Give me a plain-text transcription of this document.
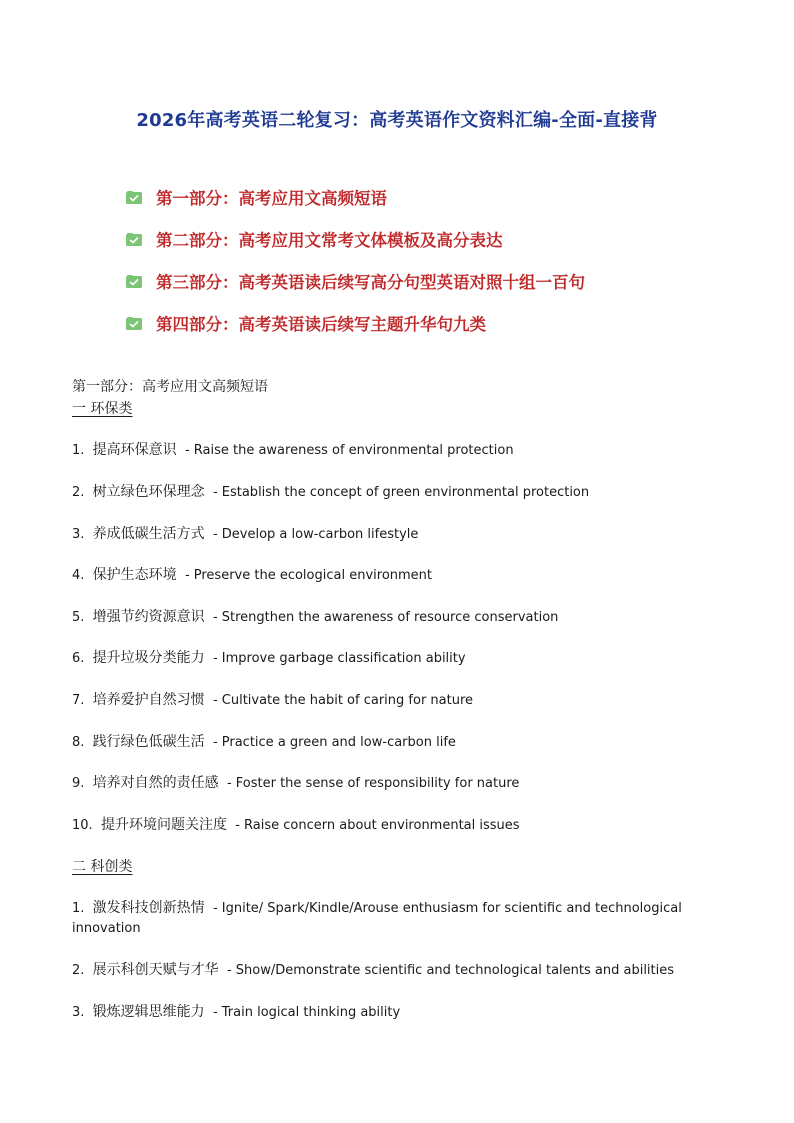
2026年高考英语二轮复习：高考英语作文资料汇编-全面-直接背
第一部分：高考应用文高频短语
第二部分：高考应用文常考文体模板及高分表达
第三部分：高考英语读后续写高分句型英语对照十组一百句
第四部分：高考英语读后续写主题升华句九类
第一部分：高考应用文高频短语
一 环保类
1. 提高环保意识 - Raise the awareness of environmental protection
2. 树立绿色环保理念 - Establish the concept of green environmental protection
3. 养成低碳生活方式 - Develop a low-carbon lifestyle
4. 保护生态环境 - Preserve the ecological environment
5. 增强节约资源意识 - Strengthen the awareness of resource conservation
6. 提升垃圾分类能力 - Improve garbage classification ability
7. 培养爱护自然习惯 - Cultivate the habit of caring for nature
8. 践行绿色低碳生活 - Practice a green and low-carbon life
9. 培养对自然的责任感 - Foster the sense of responsibility for nature
10. 提升环境问题关注度 - Raise concern about environmental issues
二 科创类
1. 激发科技创新热情 - Ignite/ Spark/Kindle/Arouse enthusiasm for scientific and technological innovation
2. 展示科创天赋与才华 - Show/Demonstrate scientific and technological talents and abilities
3. 锻炼逻辑思维能力 - Train logical thinking ability
